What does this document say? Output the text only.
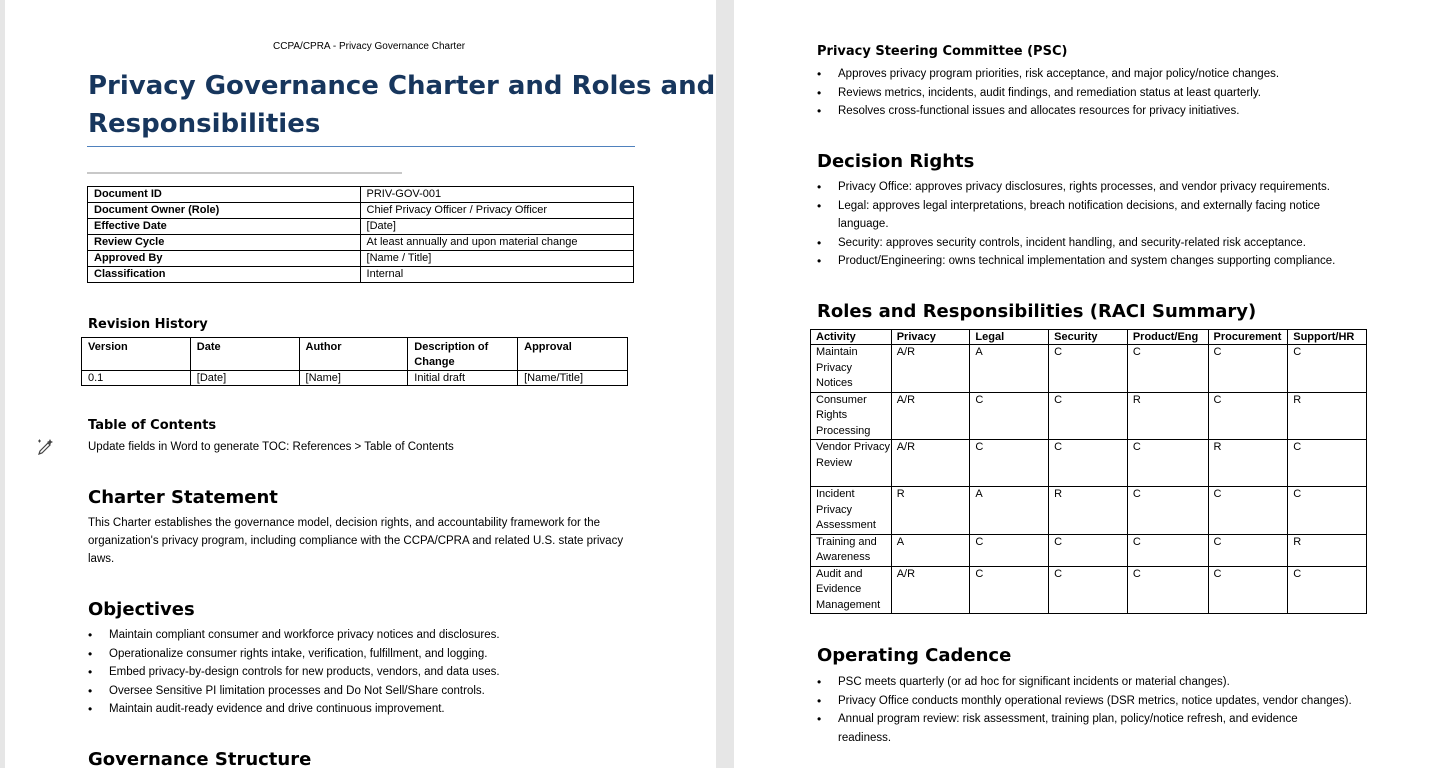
CCPA/CPRA - Privacy Governance Charter
Privacy Governance Charter and Roles and
Responsibilities
Document ID	PRIV-GOV-001
Document Owner (Role)	Chief Privacy Officer / Privacy Officer
Effective Date	[Date]
Review Cycle	At least annually and upon material change
Approved By	[Name / Title]
Classification	Internal
Revision History
Version	Date	Author	Description of Change	Approval
0.1	[Date]	[Name]	Initial draft	[Name/Title]
Table of Contents
Update fields in Word to generate TOC: References > Table of Contents
Charter Statement
This Charter establishes the governance model, decision rights, and accountability framework for the
organization's privacy program, including compliance with the CCPA/CPRA and related U.S. state privacy
laws.
Objectives
• Maintain compliant consumer and workforce privacy notices and disclosures.
• Operationalize consumer rights intake, verification, fulfillment, and logging.
• Embed privacy-by-design controls for new products, vendors, and data uses.
• Oversee Sensitive PI limitation processes and Do Not Sell/Share controls.
• Maintain audit-ready evidence and drive continuous improvement.
Governance Structure
Privacy Steering Committee (PSC)
• Approves privacy program priorities, risk acceptance, and major policy/notice changes.
• Reviews metrics, incidents, audit findings, and remediation status at least quarterly.
• Resolves cross-functional issues and allocates resources for privacy initiatives.
Decision Rights
• Privacy Office: approves privacy disclosures, rights processes, and vendor privacy requirements.
• Legal: approves legal interpretations, breach notification decisions, and externally facing notice
language.
• Security: approves security controls, incident handling, and security-related risk acceptance.
• Product/Engineering: owns technical implementation and system changes supporting compliance.
Roles and Responsibilities (RACI Summary)
Activity	Privacy	Legal	Security	Product/Eng	Procurement	Support/HR
Maintain Privacy Notices	A/R	A	C	C	C	C
Consumer Rights Processing	A/R	C	C	R	C	R
Vendor Privacy Review	A/R	C	C	C	R	C
Incident Privacy Assessment	R	A	R	C	C	C
Training and Awareness	A	C	C	C	C	R
Audit and Evidence Management	A/R	C	C	C	C	C
Operating Cadence
• PSC meets quarterly (or ad hoc for significant incidents or material changes).
• Privacy Office conducts monthly operational reviews (DSR metrics, notice updates, vendor changes).
• Annual program review: risk assessment, training plan, policy/notice refresh, and evidence
readiness.
